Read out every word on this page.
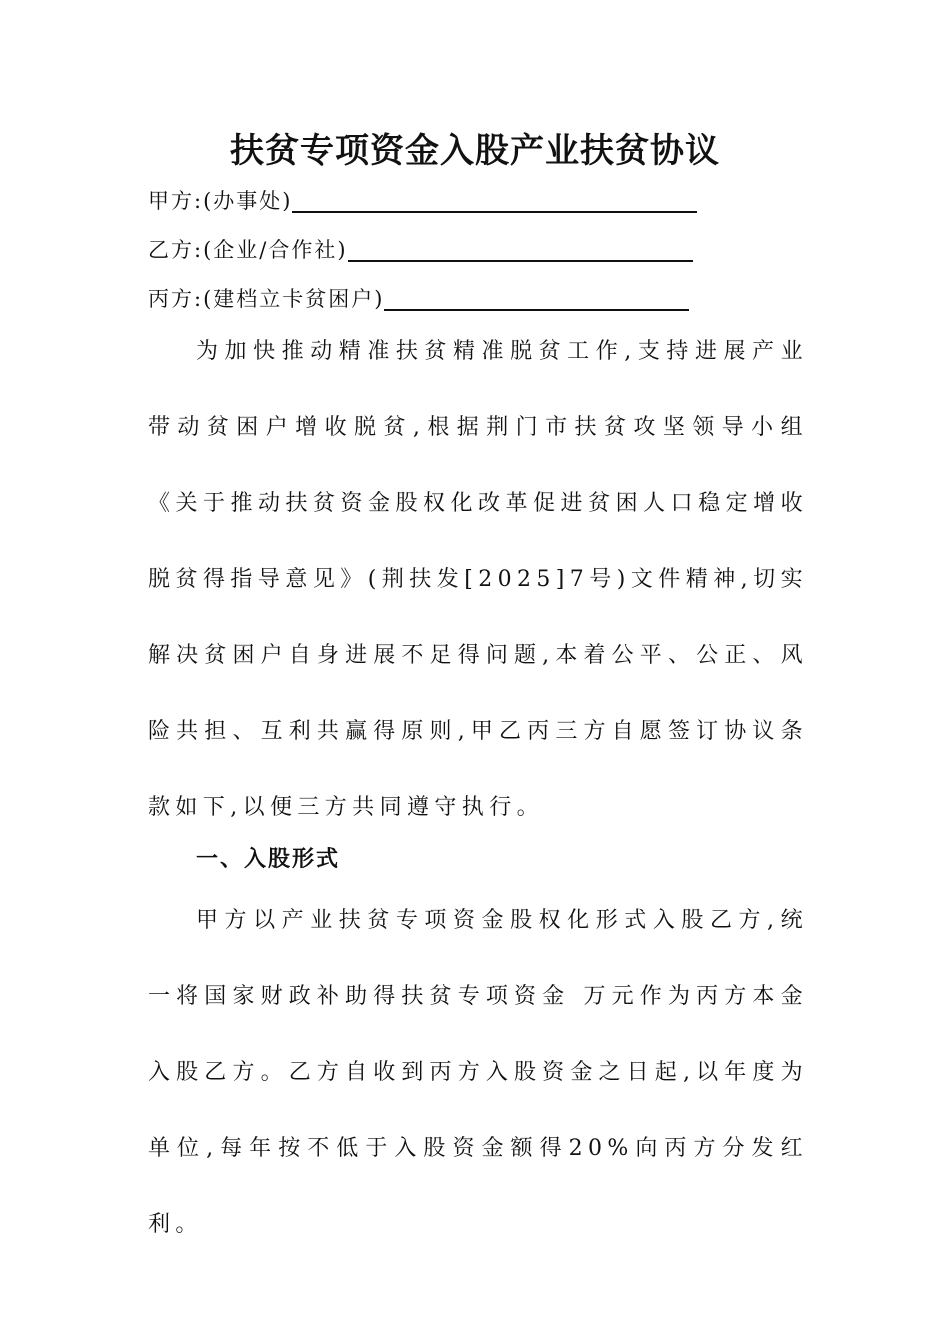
扶贫专项资金入股产业扶贫协议
甲方:(办事处)
乙方:(企业/合作社)
丙方:(建档立卡贫困户)

为加快推动精准扶贫精准脱贫工作,支持进展产业带动贫困户增收脱贫,根据荆门市扶贫攻坚领导小组《关于推动扶贫资金股权化改革促进贫困人口稳定增收脱贫得指导意见》(荆扶发[2025]7号)文件精神,切实解决贫困户自身进展不足得问题,本着公平、公正、风险共担、互利共赢得原则,甲乙丙三方自愿签订协议条款如下,以便三方共同遵守执行。

一、入股形式

甲方以产业扶贫专项资金股权化形式入股乙方,统一将国家财政补助得扶贫专项资金 万元作为丙方本金入股乙方。乙方自收到丙方入股资金之日起,以年度为单位,每年按不低于入股资金额得20%向丙方分发红利。
